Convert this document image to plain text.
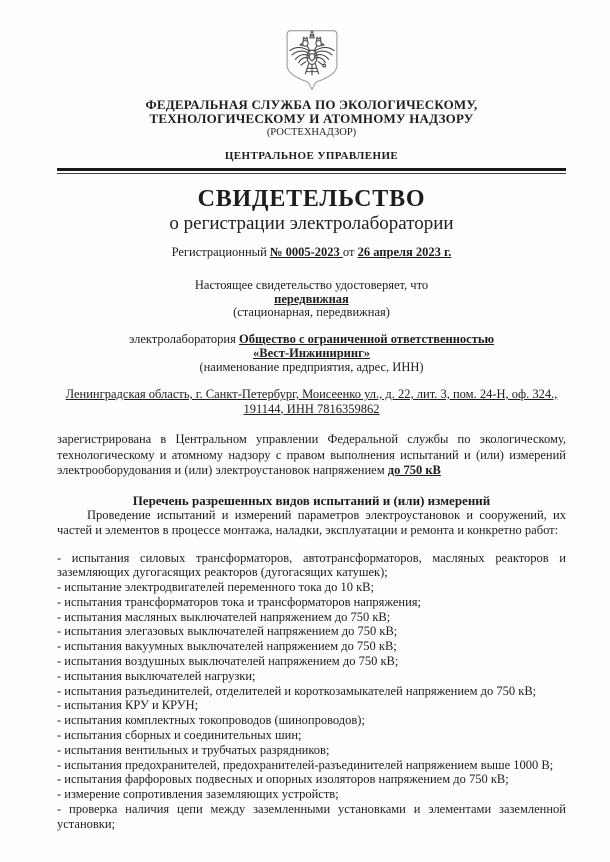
ФЕДЕРАЛЬНАЯ СЛУЖБА ПО ЭКОЛОГИЧЕСКОМУ,
ТЕХНОЛОГИЧЕСКОМУ И АТОМНОМУ НАДЗОРУ
(РОСТЕХНАДЗОР)
ЦЕНТРАЛЬНОЕ УПРАВЛЕНИЕ
СВИДЕТЕЛЬСТВО
о регистрации электролаборатории
Регистрационный № 0005-2023 от 26 апреля 2023 г.
Настоящее свидетельство удостоверяет, что
передвижная
(стационарная, передвижная)
электролаборатория Общество с ограниченной ответственностью
«Вест-Инжиниринг»
(наименование предприятия, адрес, ИНН)
Ленинградская область, г. Санкт-Петербург, Моисеенко ул., д. 22, лит. 3, пом. 24-Н, оф. 324., 191144, ИНН 7816359862
зарегистрирована в Центральном управлении Федеральной службы по экологическому, технологическому и атомному надзору с правом выполнения испытаний и (или) измерений электрооборудования и (или) электроустановок напряжением до 750 кВ
Перечень разрешенных видов испытаний и (или) измерений
Проведение испытаний и измерений параметров электроустановок и сооружений, их частей и элементов в процессе монтажа, наладки, эксплуатации и ремонта и конкретно работ:
- испытания силовых трансформаторов, автотрансформаторов, масляных реакторов и заземляющих дугогасящих реакторов (дугогасящих катушек);
- испытание электродвигателей переменного тока до 10 кВ;
- испытания трансформаторов тока и трансформаторов напряжения;
- испытания масляных выключателей напряжением до 750 кВ;
- испытания элегазовых выключателей напряжением до 750 кВ;
- испытания вакуумных выключателей напряжением до 750 кВ;
- испытания воздушных выключателей напряжением до 750 кВ;
- испытания выключателей нагрузки;
- испытания разъединителей, отделителей и короткозамыкателей напряжением до 750 кВ;
- испытания КРУ и КРУН;
- испытания комплектных токопроводов (шинопроводов);
- испытания сборных и соединительных шин;
- испытания вентильных и трубчатых разрядников;
- испытания предохранителей, предохранителей-разъединителей напряжением выше 1000 В;
- испытания фарфоровых подвесных и опорных изоляторов напряжением до 750 кВ;
- измерение сопротивления заземляющих устройств;
- проверка наличия цепи между заземленными установками и элементами заземленной установки;
